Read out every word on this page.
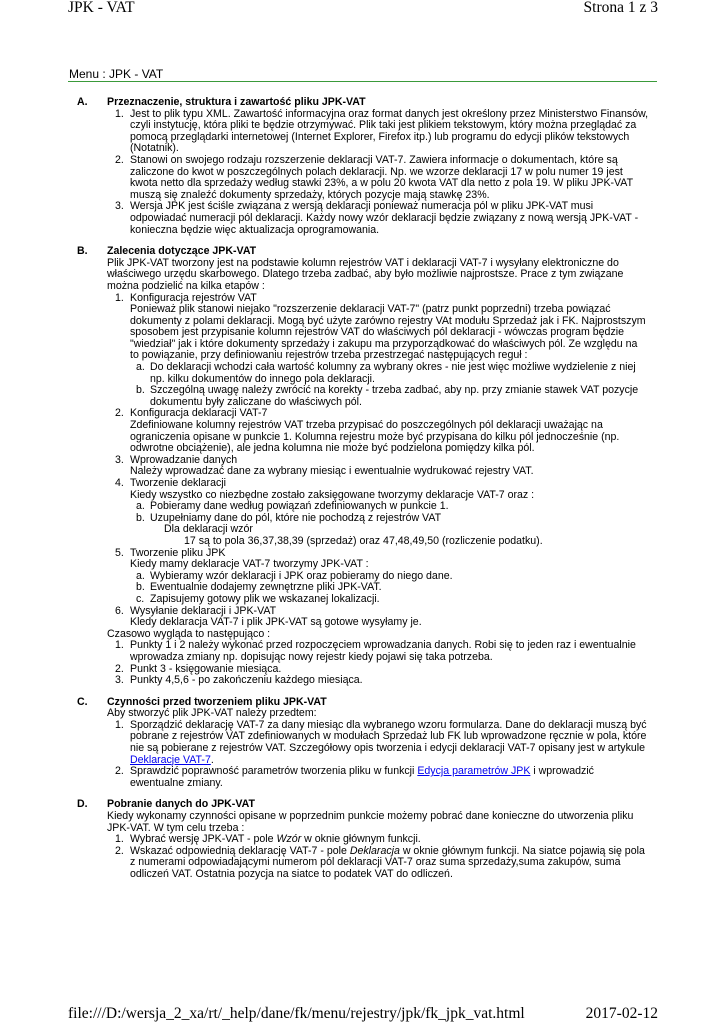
JPK - VAT	Strona 1 z 3
Menu : JPK - VAT
A. Przeznaczenie, struktura i zawartość pliku JPK-VAT
1. Jest to plik typu XML. Zawartość informacyjna oraz format danych jest określony przez Ministerstwo Finansów, czyli instytucję, która pliki te będzie otrzymywać. Plik taki jest plikiem tekstowym, który można przeglądać za pomocą przeglądarki internetowej (Internet Explorer, Firefox itp.) lub programu do edycji plików tekstowych (Notatnik).
2. Stanowi on swojego rodzaju rozszerzenie deklaracji VAT-7. Zawiera informacje o dokumentach, które są zaliczone do kwot w poszczególnych polach deklaracji. Np. we wzorze deklaracji 17 w polu numer 19 jest kwota netto dla sprzedaży według stawki 23%, a w polu 20 kwota VAT dla netto z pola 19. W pliku JPK-VAT muszą się znaleźć dokumenty sprzedaży, których pozycje mają stawkę 23%.
3. Wersja JPK jest ściśle związana z wersją deklaracji ponieważ numeracja pól w pliku JPK-VAT musi odpowiadać numeracji pól deklaracji. Każdy nowy wzór deklaracji będzie związany z nową wersją JPK-VAT - konieczna będzie więc aktualizacja oprogramowania.
B. Zalecenia dotyczące JPK-VAT

Plik JPK-VAT tworzony jest na podstawie kolumn rejestrów VAT i deklaracji VAT-7 i wysyłany elektroniczne do właściwego urzędu skarbowego. Dlatego trzeba zadbać, aby było możliwie najprostsze. Prace z tym związane można podzielić na kilka etapów :

1. Konfiguracja rejestrów VAT
Ponieważ plik stanowi niejako "rozszerzenie deklaracji VAT-7" (patrz punkt poprzedni) trzeba powiązać dokumenty z polami deklaracji. Mogą być użyte zarówno rejestry VAt modułu Sprzedaż jak i FK. Najprostszym sposobem jest przypisanie kolumn rejestrów VAT do właściwych pól deklaracji - wówczas program będzie "wiedział" jak i które dokumenty sprzedaży i zakupu ma przyporządkować do właściwych pól. Ze względu na to powiązanie, przy definiowaniu rejestrów trzeba przestrzegać następujących reguł :
a. Do deklaracji wchodzi cała wartość kolumny za wybrany okres - nie jest więc możliwe wydzielenie z niej np. kilku dokumentów do innego pola deklaracji.
b. Szczególną uwagę należy zwrócić na korekty - trzeba zadbać, aby np. przy zmianie stawek VAT pozycje dokumentu były zaliczane do właściwych pól.
2. Konfiguracja deklaracji VAT-7
Zdefiniowane kolumny rejestrów VAT trzeba przypisać do poszczególnych pól deklaracji uważając na ograniczenia opisane w punkcie 1. Kolumna rejestru może być przypisana do kilku pól jednocześnie (np. odwrotne obciążenie), ale jedna kolumna nie może być podzielona pomiędzy kilka pól.
3. Wprowadzanie danych
Należy wprowadzać dane za wybrany miesiąc i ewentualnie wydrukować rejestry VAT.
4. Tworzenie deklaracji
Kiedy wszystko co niezbędne zostało zaksięgowane tworzymy deklaracje VAT-7 oraz :
a. Pobieramy dane według powiązań zdefiniowanych w punkcie 1.
b. Uzupełniamy dane do pól, które nie pochodzą z rejestrów VAT
Dla deklaracji wzór
17 są to pola 36,37,38,39 (sprzedaż) oraz 47,48,49,50 (rozliczenie podatku).
5. Tworzenie pliku JPK
Kiedy mamy deklaracje VAT-7 tworzymy JPK-VAT :
a. Wybieramy wzór deklaracji i JPK oraz pobieramy do niego dane.
b. Ewentualnie dodajemy zewnętrzne pliki JPK-VAT.
c. Zapisujemy gotowy plik we wskazanej lokalizacji.
6. Wysyłanie deklaracji i JPK-VAT
Kledy deklaracja VAT-7 i plik JPK-VAT są gotowe wysyłamy je.

Czasowo wygląda to następująco :

1. Punkty 1 i 2 należy wykonać przed rozpoczęciem wprowadzania danych. Robi się to jeden raz i ewentualnie wprowadza zmiany np. dopisując nowy rejestr kiedy pojawi się taka potrzeba.
2. Punkt 3 - księgowanie miesiąca.
3. Punkty 4,5,6 - po zakończeniu każdego miesiąca.
C. Czynności przed tworzeniem pliku JPK-VAT

Aby stworzyć plik JPK-VAT należy przedtem:

1. Sporządzić deklarację VAT-7 za dany miesiąc dla wybranego wzoru formularza. Dane do deklaracji muszą być pobrane z rejestrów VAT zdefiniowanych w modułach Sprzedaż lub FK lub wprowadzone ręcznie w pola, które nie są pobierane z rejestrów VAT. Szczegółowy opis tworzenia i edycji deklaracji VAT-7 opisany jest w artykule Deklaracje VAT-7.
2. Sprawdzić poprawność parametrów tworzenia pliku w funkcji Edycja parametrów JPK i wprowadzić ewentualne zmiany.
D. Pobranie danych do JPK-VAT

Kiedy wykonamy czynności opisane w poprzednim punkcie możemy pobrać dane konieczne do utworzenia pliku JPK-VAT. W tym celu trzeba :

1. Wybrać wersję JPK-VAT - pole Wzór w oknie głównym funkcji.
2. Wskazać odpowiednią deklarację VAT-7 - pole Deklaracja w oknie głównym funkcji. Na siatce pojawią się pola z numerami odpowiadającymi numerom pól deklaracji VAT-7 oraz suma sprzedaży,suma zakupów, suma odliczeń VAT. Ostatnia pozycja na siatce to podatek VAT do odliczeń.
file:///D:/wersja_2_xa/rt/_help/dane/fk/menu/rejestry/jpk/fk_jpk_vat.html	2017-02-12
